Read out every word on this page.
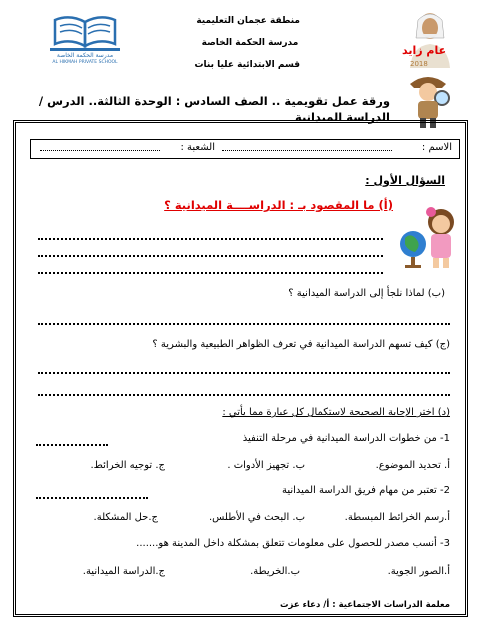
مدرسة الحكمة الخاصة
AL HIKMAH PRIVATE SCHOOL
منطقة عجمان التعليمية
مدرسة الحكمة الخاصة
قسم الابتدائية عليا بنات
عام زايد
2018
ورقة عمل تقويمية .. الصف السادس : الوحدة الثالثة.. الدرس /
الدراسة الميدانية
الاسم :
الشعبة :
السؤال الأول :
(أ) ما المقصود بـ : الدراســــة الميدانية ؟
(ب) لماذا نلجأ إلى الدراسة الميدانية ؟
(ج) كيف تسهم الدراسة الميدانية في تعرف الظواهر الطبيعية والبشرية ؟
(د) اختر الإجابة الصحيحة لاستكمال كل عبارة مما يأتي :
1- من خطوات الدراسة الميدانية في مرحلة التنفيذ
أ. تحديد الموضوع.
ب. تجهيز الأدوات .
ج. توجيه الخرائط.
2- تعتبر من مهام فريق الدراسة الميدانية
أ.رسم الخرائط المبسطة.
ب. البحث في الأطلس.
ج.حل المشكلة.
3- أنسب مصدر للحصول على معلومات تتعلق بمشكلة داخل المدينة هو.......
أ.الصور الجوية.
ب.الخريطة.
ج.الدراسة الميدانية.
معلمة الدراسات الاجتماعية : أ/ دعاء عزت
